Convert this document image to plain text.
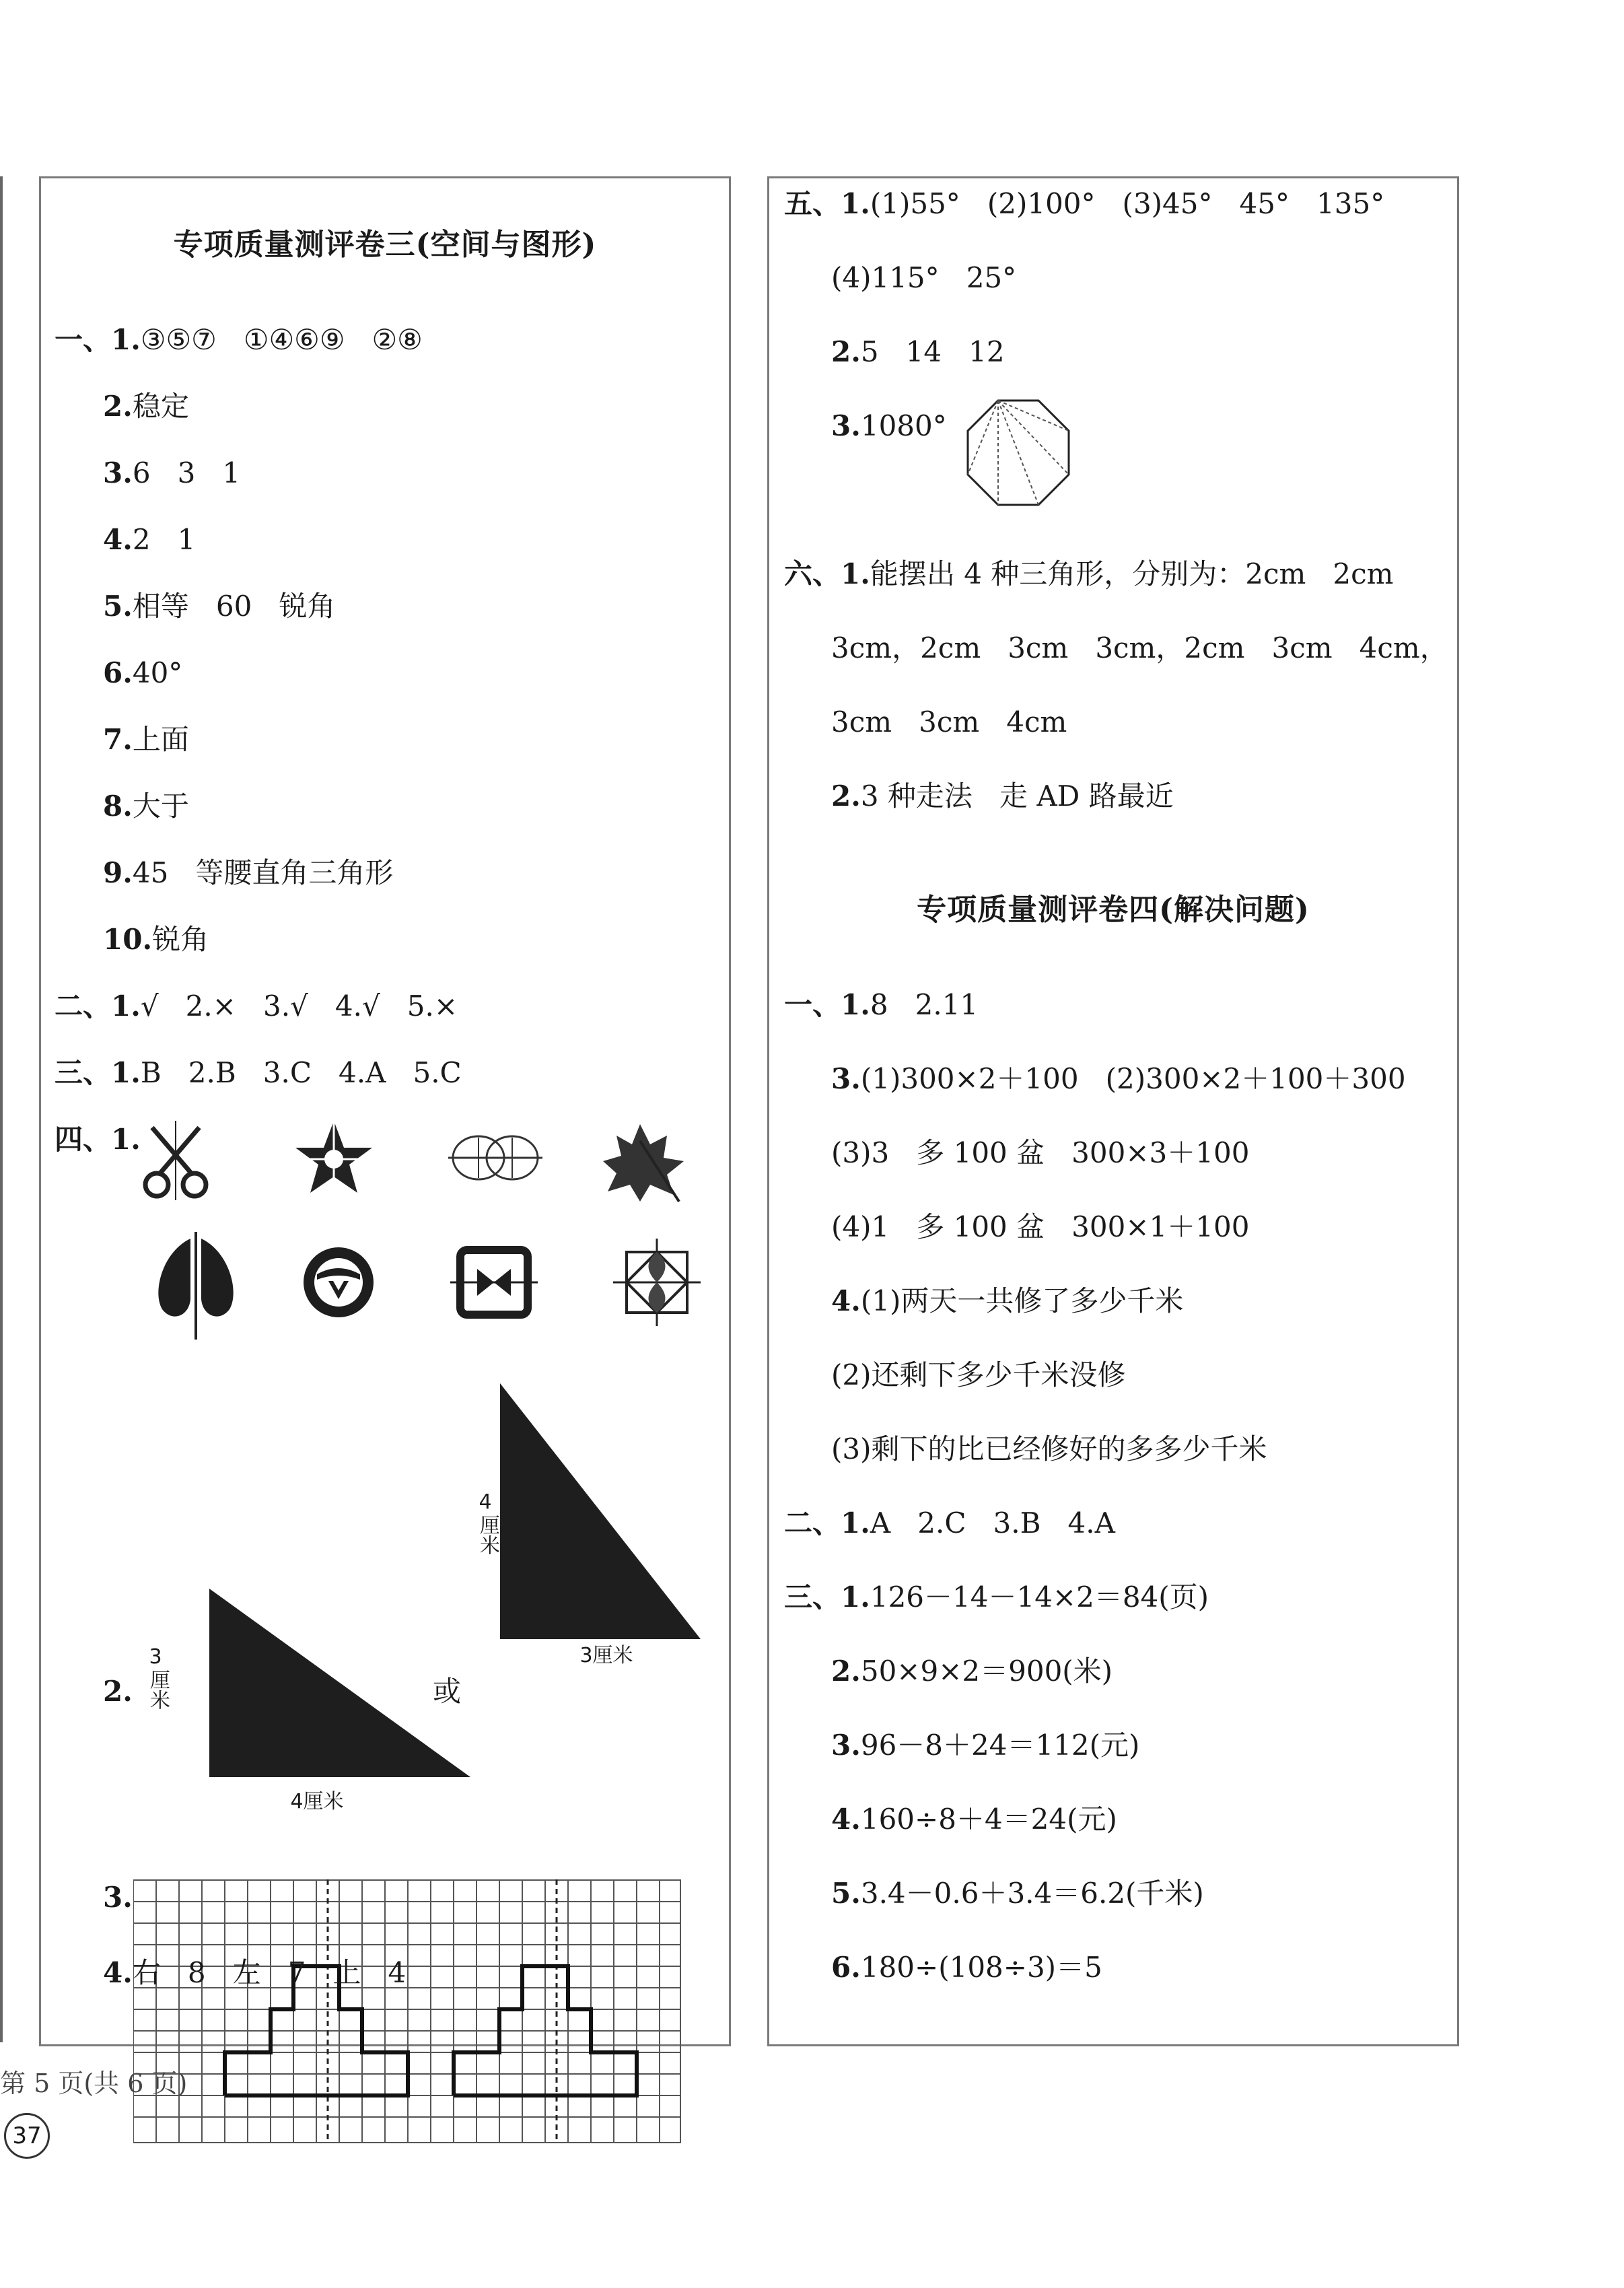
专项质量测评卷三(空间与图形)
一、1.③⑤⑦   ①④⑥⑨   ②⑧
2.稳定
3.6   3   1
4.2   1
5.相等   60   锐角
6.40°
7.上面
8.大于
9.45   等腰直角三角形
10.锐角
二、1.√   2.×   3.√   4.√   5.×
三、1.B   2.B   3.C   4.A   5.C
四、1.
2.
3
厘米
4厘米
或
4
厘米
3厘米
3.
4.右   8   左   7   上   4
五、1.(1)55°   (2)100°   (3)45°   45°   135°
(4)115°   25°
2.5   14   12
3.1080°
六、1.能摆出 4 种三角形，分别为：2cm   2cm
3cm，2cm   3cm   3cm，2cm   3cm   4cm，
3cm   3cm   4cm
2.3 种走法   走 AD 路最近
专项质量测评卷四(解决问题)
一、1.8   2.11
3.(1)300×2＋100   (2)300×2＋100＋300
(3)3   多 100 盆   300×3＋100
(4)1   多 100 盆   300×1＋100
4.(1)两天一共修了多少千米
(2)还剩下多少千米没修
(3)剩下的比已经修好的多多少千米
二、1.A   2.C   3.B   4.A
三、1.126－14－14×2＝84(页)
2.50×9×2＝900(米)
3.96－8＋24＝112(元)
4.160÷8＋4＝24(元)
5.3.4－0.6＋3.4＝6.2(千米)
6.180÷(108÷3)＝5
第 5 页(共 6 页)
37
